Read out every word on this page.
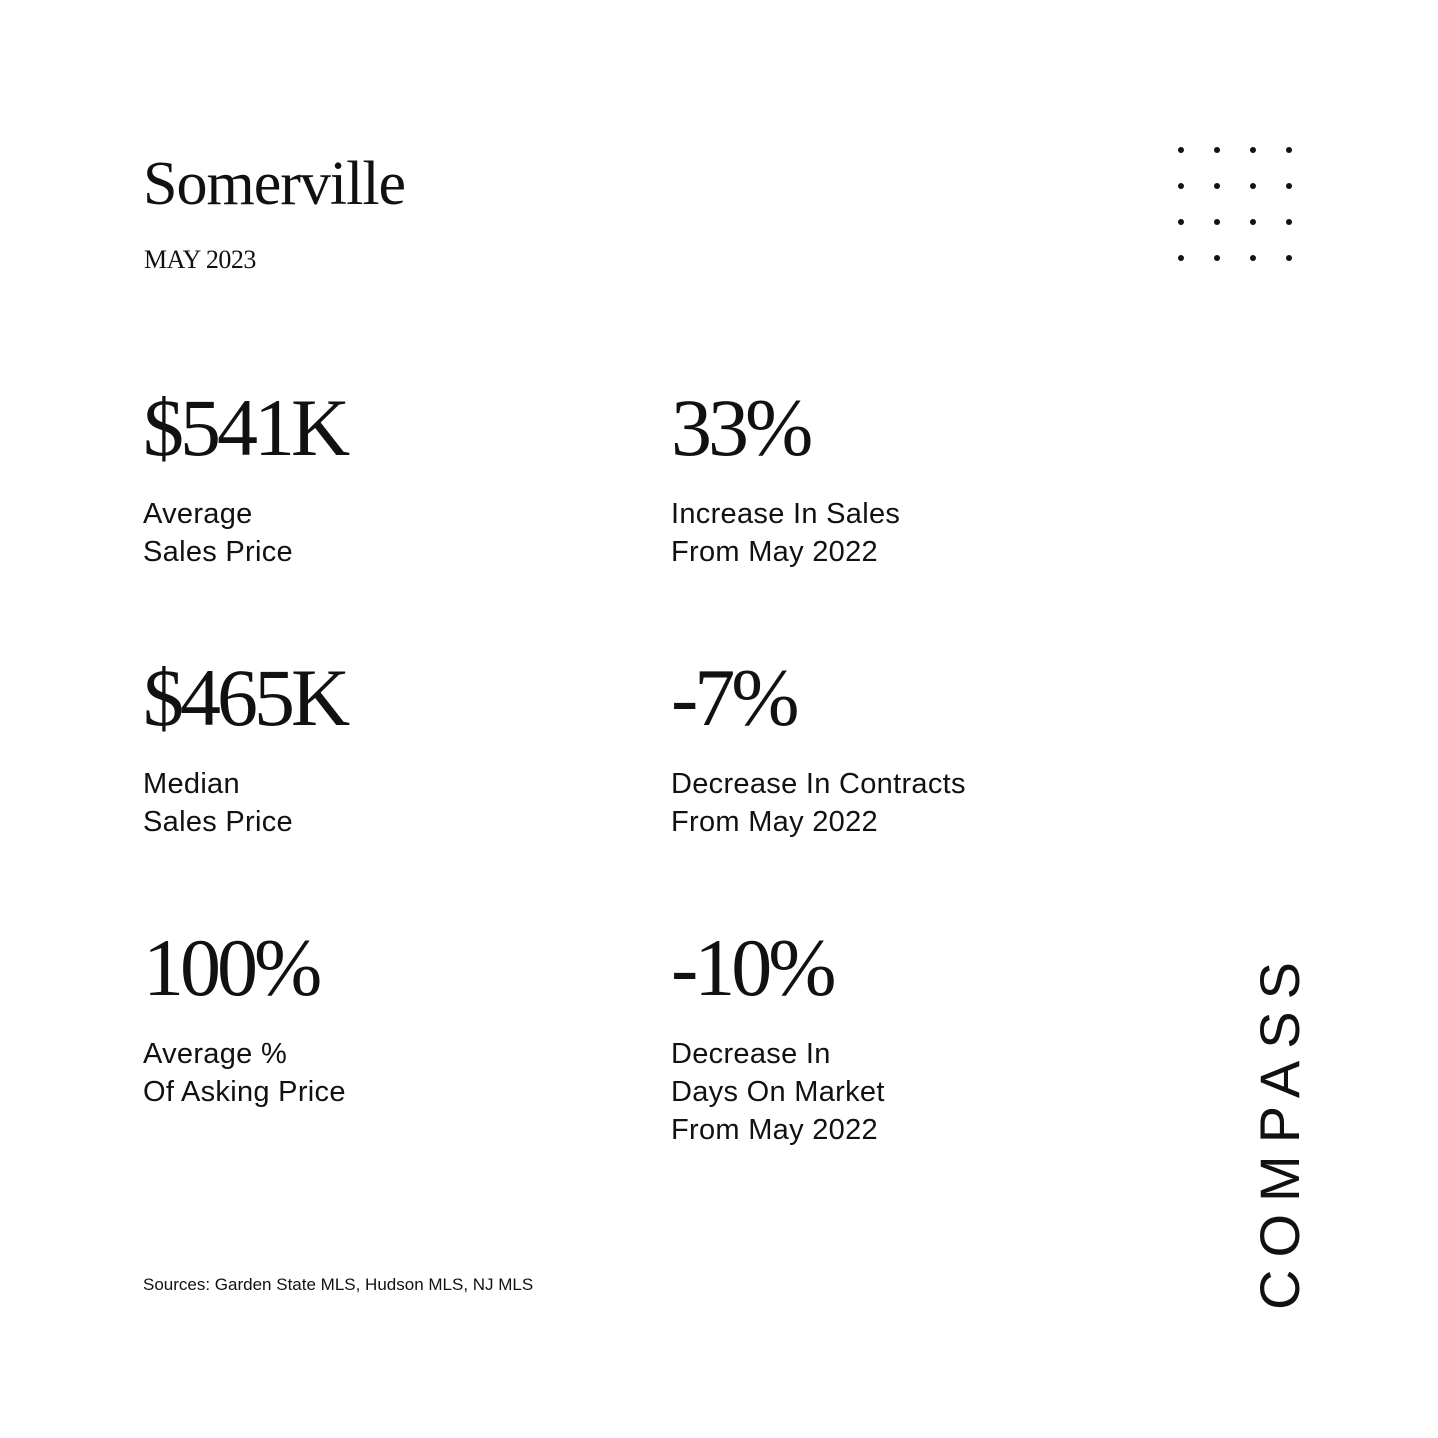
Somerville
MAY 2023
$541K
Average
Sales Price
33%
Increase In Sales
From May 2022
$465K
Median
Sales Price
-7%
Decrease In Contracts
From May 2022
100%
Average %
Of Asking Price
-10%
Decrease In
Days On Market
From May 2022
Sources: Garden State MLS, Hudson MLS, NJ MLS	COMPASS
